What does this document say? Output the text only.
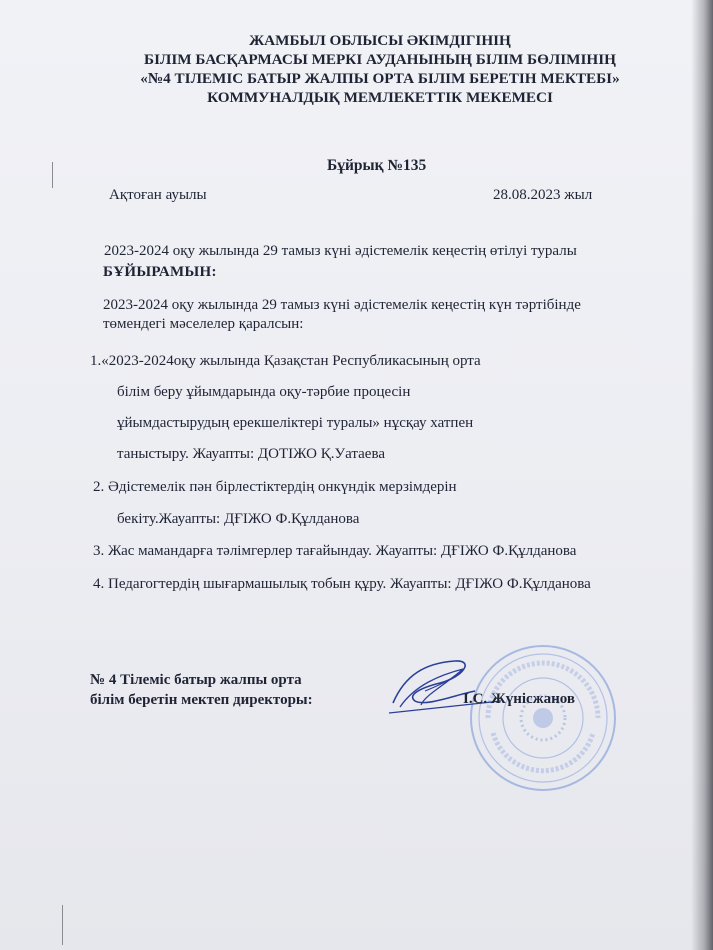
ЖАМБЫЛ ОБЛЫСЫ ӘКІМДІГІНІҢ
БІЛІМ БАСҚАРМАСЫ МЕРКІ АУДАНЫНЫҢ БІЛІМ БӨЛІМІНІҢ
«№4 ТІЛЕМІС БАТЫР ЖАЛПЫ ОРТА БІЛІМ БЕРЕТІН МЕКТЕБІ»
КОММУНАЛДЫҚ МЕМЛЕКЕТТІК МЕКЕМЕСІ
Бұйрық №135
Ақтоған ауылы	28.08.2023 жыл
2023-2024 оқу жылында 29 тамыз күні әдістемелік кеңестің өтілуі туралы
БҰЙЫРАМЫН:
2023-2024 оқу жылында 29 тамыз күні әдістемелік кеңестің күн тәртібінде
төмендегі мәселелер қаралсын:
1.«2023-2024оқу жылында Қазақстан Республикасының орта
білім беру ұйымдарында оқу-тәрбие процесін
ұйымдастырудың ерекшеліктері туралы» нұсқау хатпен
таныстыру. Жауапты: ДОТІЖО Қ.Уатаева
2. Әдістемелік пән бірлестіктердің онкүндік мерзімдерін
бекіту.Жауапты: ДҒІЖО Ф.Құлданова
3. Жас мамандарға тәлімгерлер тағайындау. Жауапты: ДҒІЖО Ф.Құлданова
4. Педагогтердің шығармашылық тобын құру. Жауапты: ДҒІЖО Ф.Құлданова
№ 4 Тілеміс батыр жалпы орта
білім беретін мектеп директоры:	І.С. Жүнісжанов
